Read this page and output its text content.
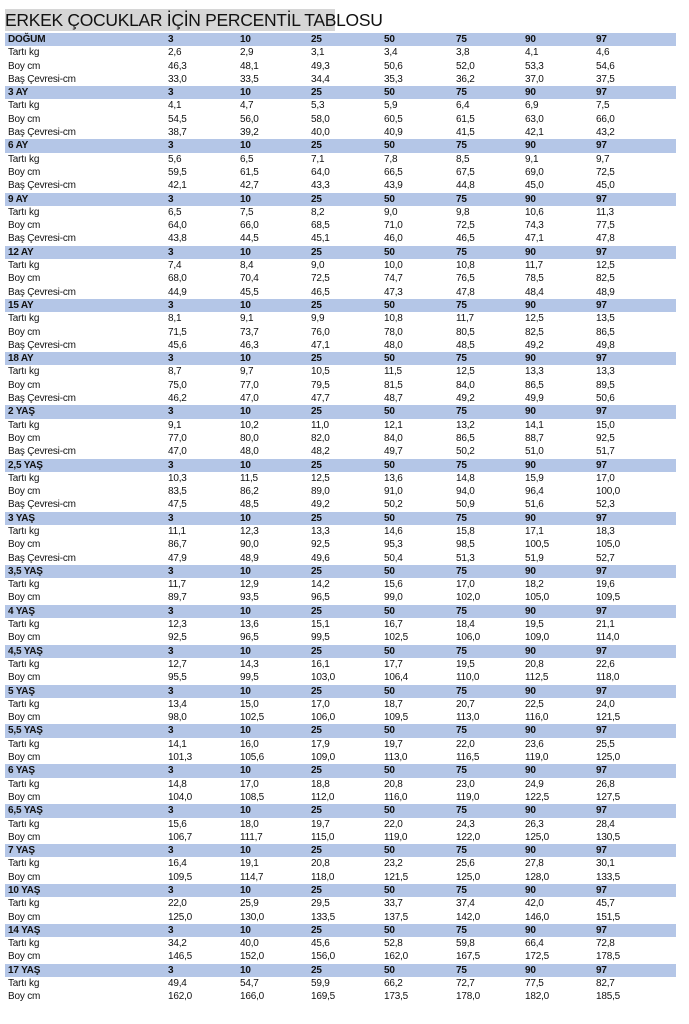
ERKEK ÇOCUKLAR İÇİN PERCENTİL TABLOSU
DOĞUM	3	10	25	50	75	90	97
Tartı kg	2,6	2,9	3,1	3,4	3,8	4,1	4,6
Boy cm	46,3	48,1	49,3	50,6	52,0	53,3	54,6
Baş Çevresi-cm	33,0	33,5	34,4	35,3	36,2	37,0	37,5
3 AY	3	10	25	50	75	90	97
Tartı kg	4,1	4,7	5,3	5,9	6,4	6,9	7,5
Boy cm	54,5	56,0	58,0	60,5	61,5	63,0	66,0
Baş Çevresi-cm	38,7	39,2	40,0	40,9	41,5	42,1	43,2
6 AY	3	10	25	50	75	90	97
Tartı kg	5,6	6,5	7,1	7,8	8,5	9,1	9,7
Boy cm	59,5	61,5	64,0	66,5	67,5	69,0	72,5
Baş Çevresi-cm	42,1	42,7	43,3	43,9	44,8	45,0	45,0
9 AY	3	10	25	50	75	90	97
Tartı kg	6,5	7,5	8,2	9,0	9,8	10,6	11,3
Boy cm	64,0	66,0	68,5	71,0	72,5	74,3	77,5
Baş Çevresi-cm	43,8	44,5	45,1	46,0	46,5	47,1	47,8
12 AY	3	10	25	50	75	90	97
Tartı kg	7,4	8,4	9,0	10,0	10,8	11,7	12,5
Boy cm	68,0	70,4	72,5	74,7	76,5	78,5	82,5
Baş Çevresi-cm	44,9	45,5	46,5	47,3	47,8	48,4	48,9
15 AY	3	10	25	50	75	90	97
Tartı kg	8,1	9,1	9,9	10,8	11,7	12,5	13,5
Boy cm	71,5	73,7	76,0	78,0	80,5	82,5	86,5
Baş Çevresi-cm	45,6	46,3	47,1	48,0	48,5	49,2	49,8
18 AY	3	10	25	50	75	90	97
Tartı kg	8,7	9,7	10,5	11,5	12,5	13,3	13,3
Boy cm	75,0	77,0	79,5	81,5	84,0	86,5	89,5
Baş Çevresi-cm	46,2	47,0	47,7	48,7	49,2	49,9	50,6
2 YAŞ	3	10	25	50	75	90	97
Tartı kg	9,1	10,2	11,0	12,1	13,2	14,1	15,0
Boy cm	77,0	80,0	82,0	84,0	86,5	88,7	92,5
Baş Çevresi-cm	47,0	48,0	48,2	49,7	50,2	51,0	51,7
2,5 YAŞ	3	10	25	50	75	90	97
Tartı kg	10,3	11,5	12,5	13,6	14,8	15,9	17,0
Boy cm	83,5	86,2	89,0	91,0	94,0	96,4	100,0
Baş Çevresi-cm	47,5	48,5	49,2	50,2	50,9	51,6	52,3
3 YAŞ	3	10	25	50	75	90	97
Tartı kg	11,1	12,3	13,3	14,6	15,8	17,1	18,3
Boy cm	86,7	90,0	92,5	95,3	98,5	100,5	105,0
Baş Çevresi-cm	47,9	48,9	49,6	50,4	51,3	51,9	52,7
3,5 YAŞ	3	10	25	50	75	90	97
Tartı kg	11,7	12,9	14,2	15,6	17,0	18,2	19,6
Boy cm	89,7	93,5	96,5	99,0	102,0	105,0	109,5
4 YAŞ	3	10	25	50	75	90	97
Tartı kg	12,3	13,6	15,1	16,7	18,4	19,5	21,1
Boy cm	92,5	96,5	99,5	102,5	106,0	109,0	114,0
4,5 YAŞ	3	10	25	50	75	90	97
Tartı kg	12,7	14,3	16,1	17,7	19,5	20,8	22,6
Boy cm	95,5	99,5	103,0	106,4	110,0	112,5	118,0
5 YAŞ	3	10	25	50	75	90	97
Tartı kg	13,4	15,0	17,0	18,7	20,7	22,5	24,0
Boy cm	98,0	102,5	106,0	109,5	113,0	116,0	121,5
5,5 YAŞ	3	10	25	50	75	90	97
Tartı kg	14,1	16,0	17,9	19,7	22,0	23,6	25,5
Boy cm	101,3	105,6	109,0	113,0	116,5	119,0	125,0
6 YAŞ	3	10	25	50	75	90	97
Tartı kg	14,8	17,0	18,8	20,8	23,0	24,9	26,8
Boy cm	104,0	108,5	112,0	116,0	119,0	122,5	127,5
6,5 YAŞ	3	10	25	50	75	90	97
Tartı kg	15,6	18,0	19,7	22,0	24,3	26,3	28,4
Boy cm	106,7	111,7	115,0	119,0	122,0	125,0	130,5
7 YAŞ	3	10	25	50	75	90	97
Tartı kg	16,4	19,1	20,8	23,2	25,6	27,8	30,1
Boy cm	109,5	114,7	118,0	121,5	125,0	128,0	133,5
10 YAŞ	3	10	25	50	75	90	97
Tartı kg	22,0	25,9	29,5	33,7	37,4	42,0	45,7
Boy cm	125,0	130,0	133,5	137,5	142,0	146,0	151,5
14 YAŞ	3	10	25	50	75	90	97
Tartı kg	34,2	40,0	45,6	52,8	59,8	66,4	72,8
Boy cm	146,5	152,0	156,0	162,0	167,5	172,5	178,5
17 YAŞ	3	10	25	50	75	90	97
Tartı kg	49,4	54,7	59,9	66,2	72,7	77,5	82,7
Boy cm	162,0	166,0	169,5	173,5	178,0	182,0	185,5
